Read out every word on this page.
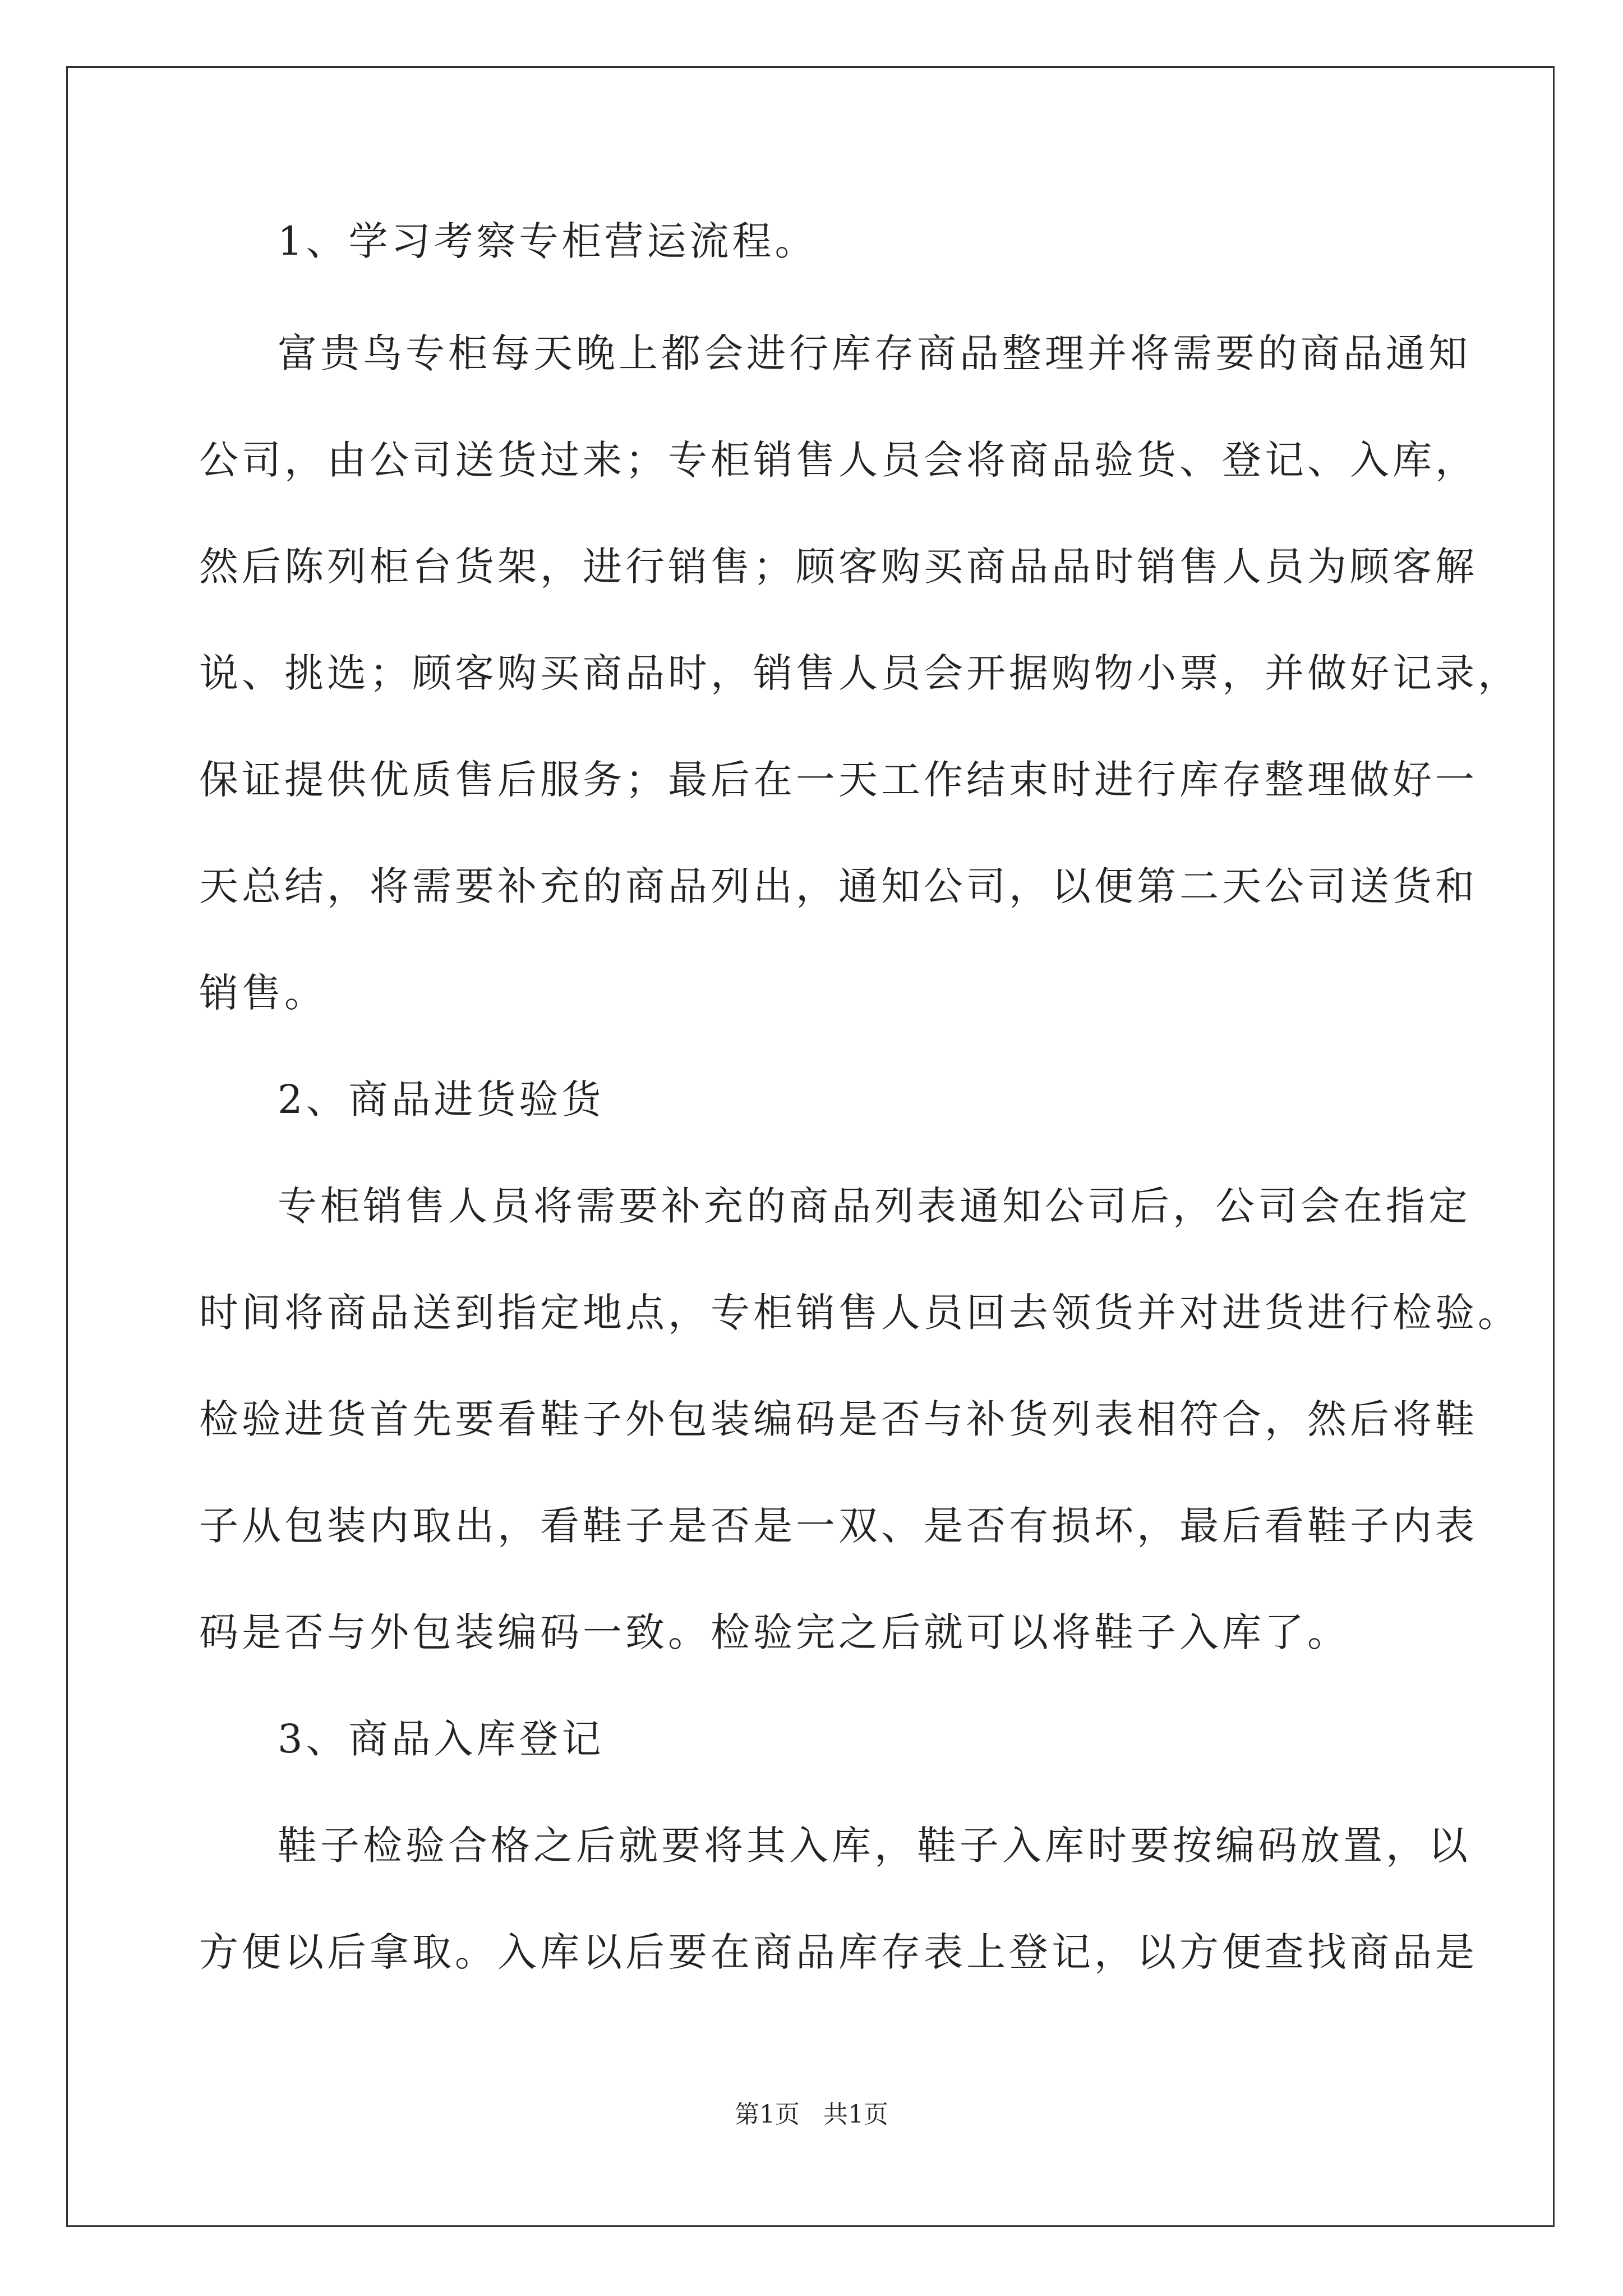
1、学习考察专柜营运流程。
富贵鸟专柜每天晚上都会进行库存商品整理并将需要的商品通知
公司，由公司送货过来；专柜销售人员会将商品验货、登记、入库，
然后陈列柜台货架，进行销售；顾客购买商品品时销售人员为顾客解
说、挑选；顾客购买商品时，销售人员会开据购物小票，并做好记录，
保证提供优质售后服务；最后在一天工作结束时进行库存整理做好一
天总结，将需要补充的商品列出，通知公司，以便第二天公司送货和
销售。
2、商品进货验货
专柜销售人员将需要补充的商品列表通知公司后，公司会在指定
时间将商品送到指定地点，专柜销售人员回去领货并对进货进行检验。
检验进货首先要看鞋子外包装编码是否与补货列表相符合，然后将鞋
子从包装内取出，看鞋子是否是一双、是否有损坏，最后看鞋子内表
码是否与外包装编码一致。检验完之后就可以将鞋子入库了。
3、商品入库登记
鞋子检验合格之后就要将其入库，鞋子入库时要按编码放置，以
方便以后拿取。入库以后要在商品库存表上登记，以方便查找商品是
第1页 共1页
